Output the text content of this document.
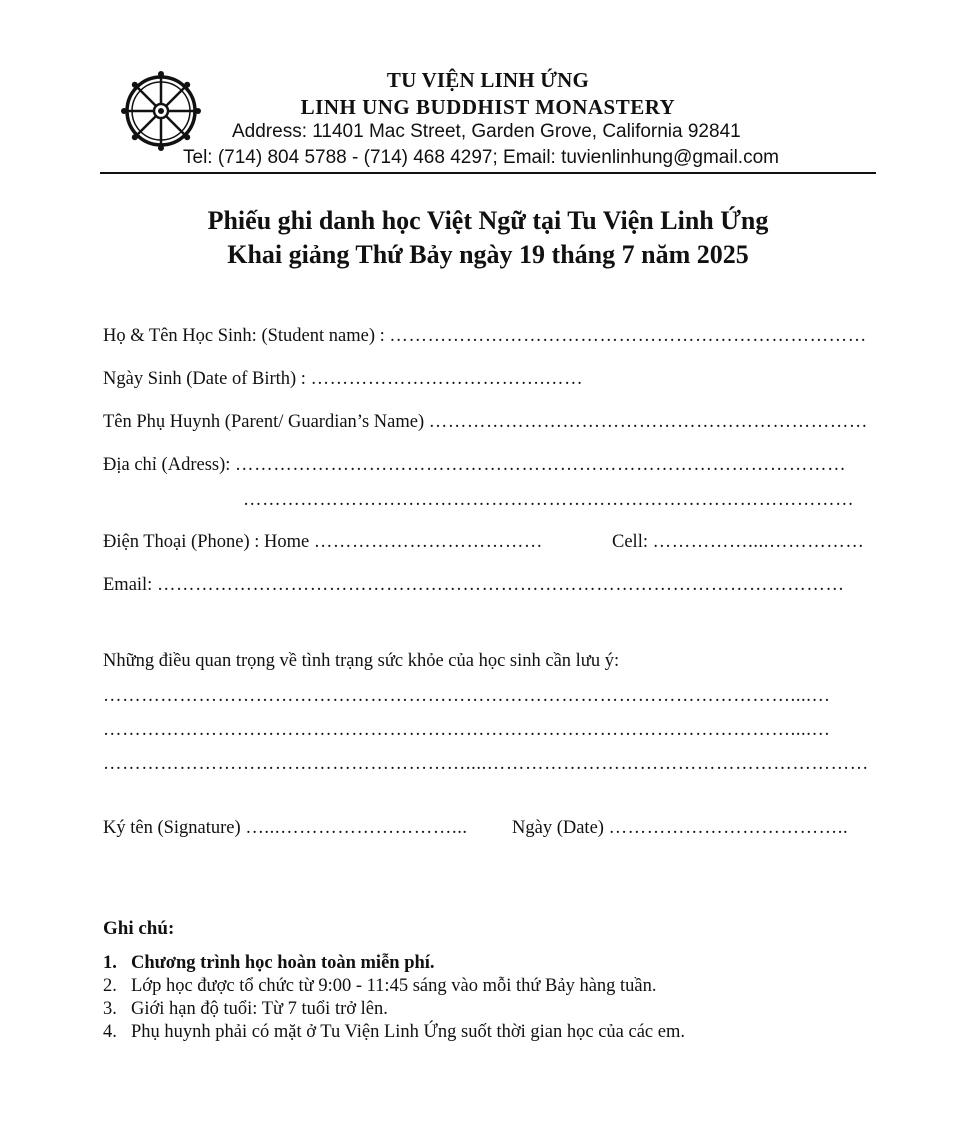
TU VIỆN LINH ỨNG
LINH UNG BUDDHIST MONASTERY
Address: 11401 Mac Street, Garden Grove, California 92841
Tel: (714) 804 5788 - (714) 468 4297; Email: tuvienlinhung@gmail.com
Phiếu ghi danh học Việt Ngữ tại Tu Viện Linh Ứng
Khai giảng Thứ Bảy ngày 19 tháng 7 năm 2025
Họ & Tên Học Sinh: (Student name) : …………………………………………………………………
Ngày Sinh (Date of Birth) : ……………………………….……
Tên Phụ Huynh (Parent/ Guardian’s Name) ……………………………………………………………
Địa chỉ (Adress): ……………………………………………………………………………………
……………………………………………………………………………………
Điện Thoại (Phone) : Home ………………………………	Cell: ……………....……………
Email: ………………………………………………………………………………………………
Những điều quan trọng về tình trạng sức khỏe của học sinh cần lưu ý:
………………………………………………………………………………………………....…
………………………………………………………………………………………………....…
…………………………………………………....……………………………………………………
Ký tên (Signature) …...………………………... Ngày (Date) ………………………………..
Ghi chú:
1. Chương trình học hoàn toàn miễn phí.
2. Lớp học được tổ chức từ 9:00 - 11:45 sáng vào mỗi thứ Bảy hàng tuần.
3. Giới hạn độ tuổi: Từ 7 tuổi trở lên.
4. Phụ huynh phải có mặt ở Tu Viện Linh Ứng suốt thời gian học của các em.
